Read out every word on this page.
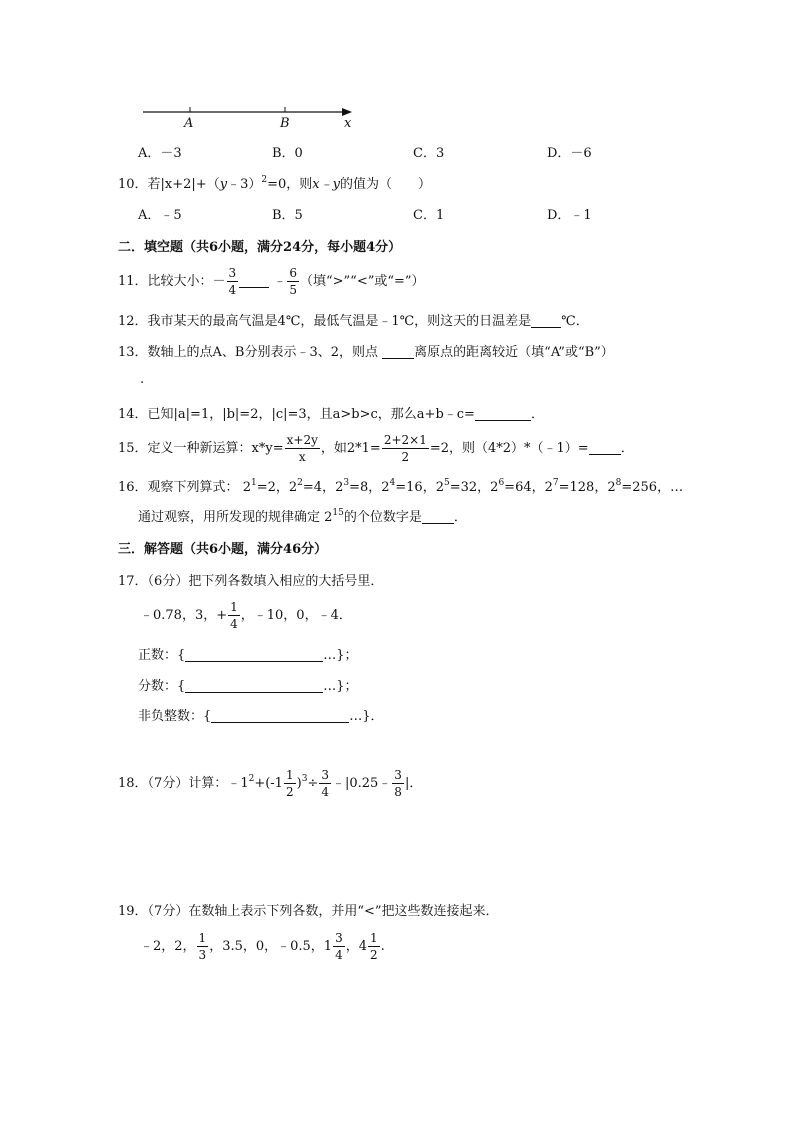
A	B	x
A．－3	B．0	C．3	D．－6
10．若|x+2|+（y﹣3）$^2$=0，则x﹣y的值为（　　）
A．﹣5	B．5	C．1	D．﹣1
二．填空题（共6小题，满分24分，每小题4分）
11．比较大小：－ $\frac{3}{4}$	﹣ $\frac{6}{5}$ （填“>”“<”或“=”）
12．我市某天的最高气温是4℃，最低气温是﹣1℃，则这天的日温差是 ℃．
13．数轴上的点A、B分别表示﹣3、2，则点	离原点的距离较近（填“A”或“B”）
.
14．已知|a|=1，|b|=2，|c|=3，且a>b>c，那么a+b﹣c=	．
15．定义一种新运算：$x*y= \frac{x+2y}{x}$ ，如$2*1= \frac{2+2\times 1}{2} =2$，则（4*2）*（﹣1）= ．
16．观察下列算式： $2^1=2$，$2^2=4$，$2^3=8$，$2^4=16$，$2^5=32$，$2^6=64$，$2^7=128$，$2^8=256$，…
通过观察，用所发现的规律确定 $2^{15}$的个位数字是 ．
三．解答题（共6小题，满分46分）
17．（6分）把下列各数填入相应的大括号里．
﹣0.78，3，+ $\frac{1}{4}$ ，﹣10，0，﹣4．
正数：{	…}；
分数：{	…}；
非负整数：{	…}．
18．（7分）计算：$﹣1^2+(-1 \frac{1}{2} )^3\div \frac{3}{4}$ ﹣|0.25﹣ $\frac{3}{8}$ |．
19．（7分）在数轴上表示下列各数，并用“<”把这些数连接起来．
﹣2，2， $\frac{1}{3}$ ，3.5，0，﹣0.5，$1 \frac{3}{4}$ ，$4 \frac{1}{2}$ .
